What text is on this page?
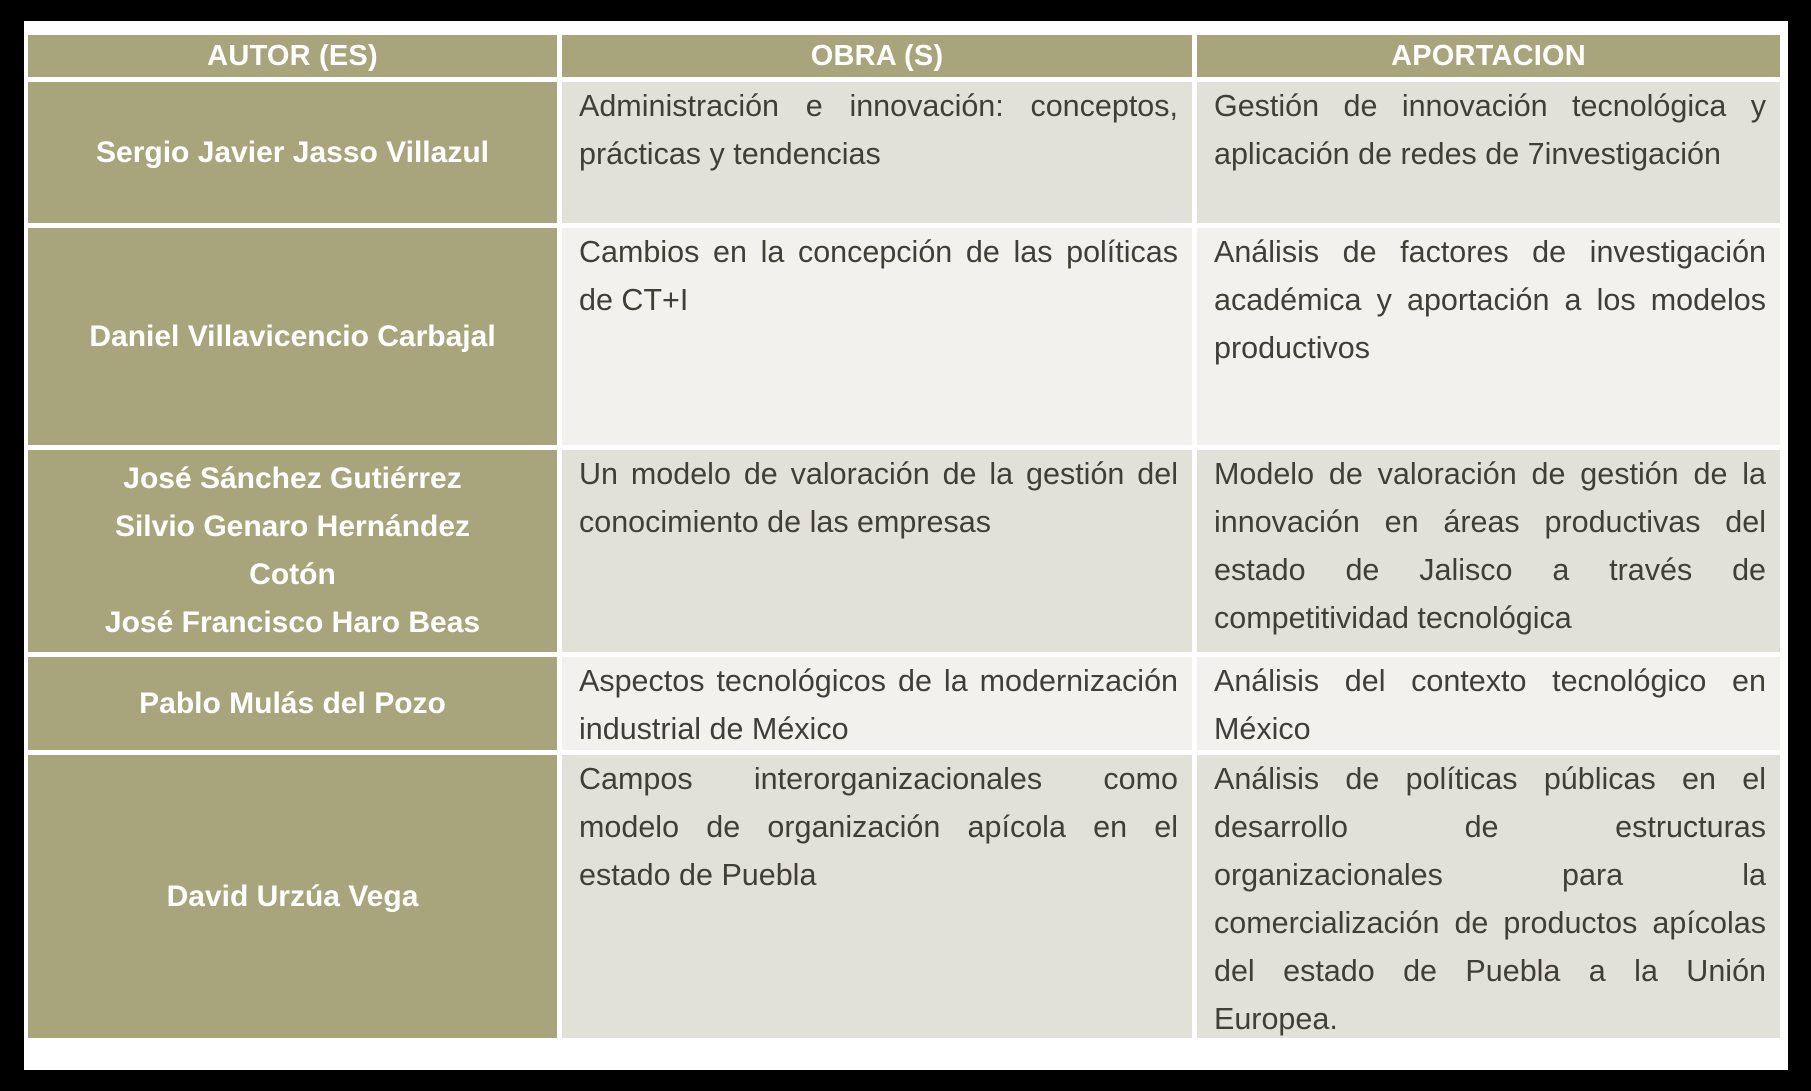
AUTOR (ES)	OBRA (S)	APORTACION
Sergio Javier Jasso Villazul
Administración e innovación: conceptos, prácticas y tendencias
Gestión de innovación tecnológica y aplicación de redes de 7investigación
Daniel Villavicencio Carbajal
Cambios en la concepción de las políticas de CT+I
Análisis de factores de investigación académica y aportación a los modelos productivos
José Sánchez Gutiérrez
Silvio Genaro Hernández Cotón
José Francisco Haro Beas
Un modelo de valoración de la gestión del conocimiento de las empresas
Modelo de valoración de gestión de la innovación en áreas productivas del estado de Jalisco a través de competitividad tecnológica
Pablo Mulás del Pozo
Aspectos tecnológicos de la modernización industrial de México
Análisis del contexto tecnológico en México
David Urzúa Vega
Campos interorganizacionales como modelo de organización apícola en el estado de Puebla
Análisis de políticas públicas en el desarrollo de estructuras organizacionales para la comercialización de productos apícolas del estado de Puebla a la Unión Europea.
